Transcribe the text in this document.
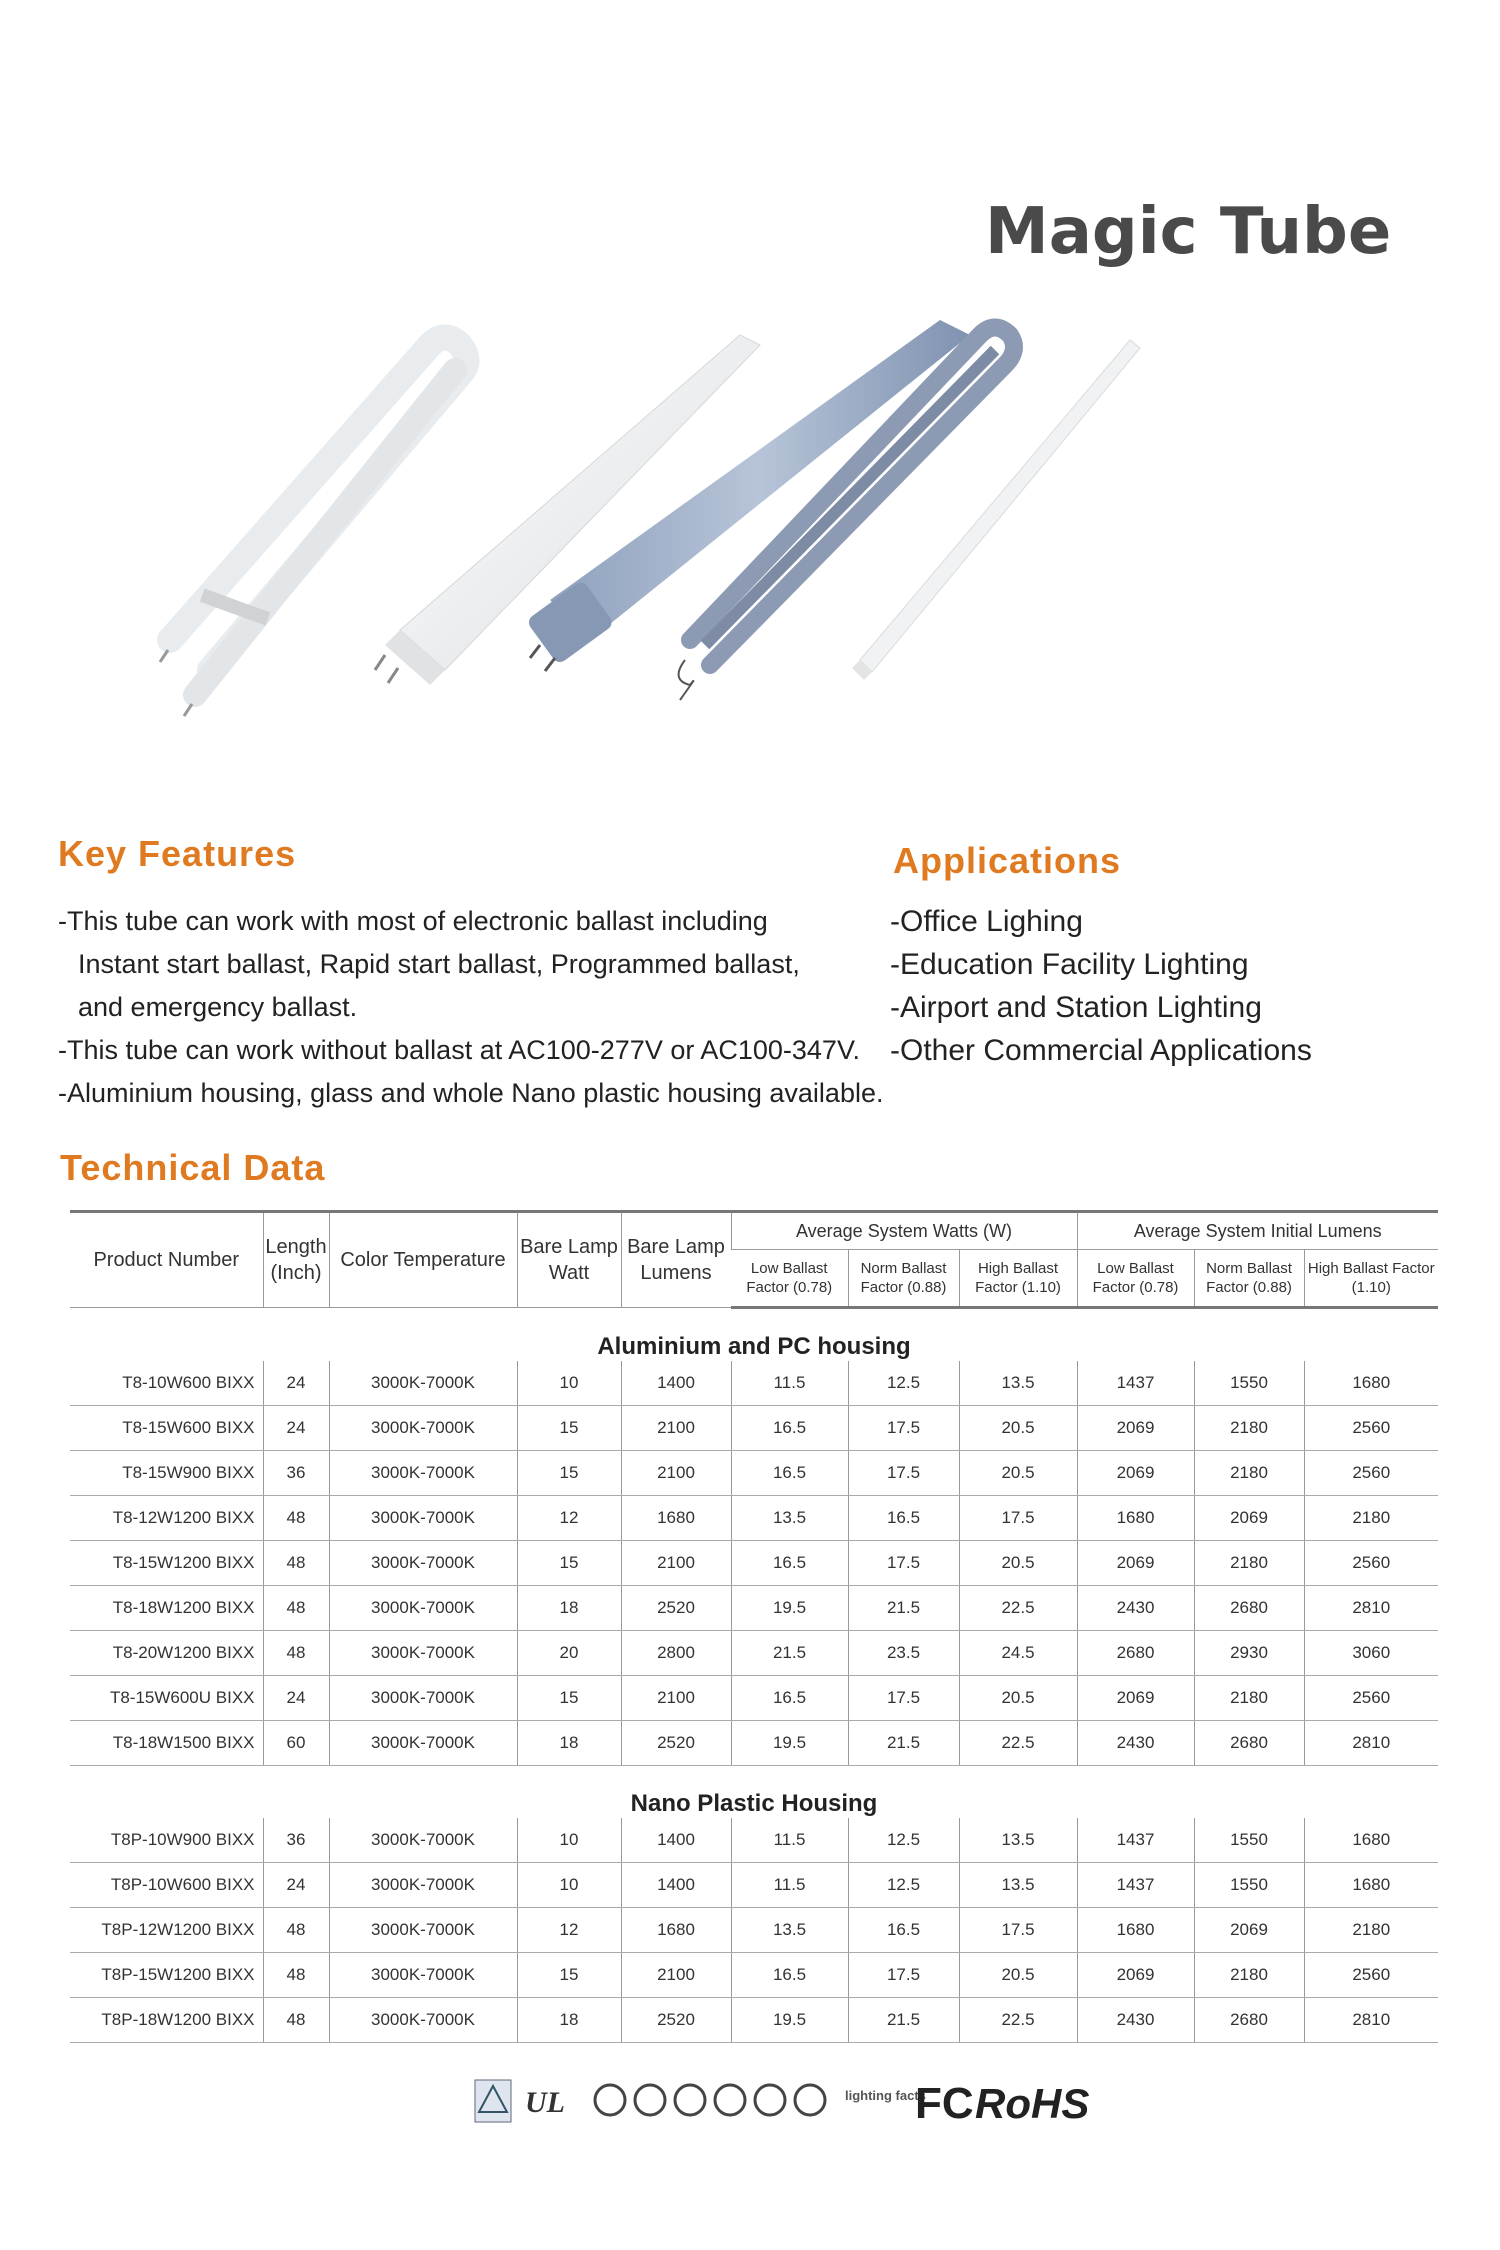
Magic Tube
Key Features
-This tube can work with most of electronic ballast including
Instant start ballast, Rapid start ballast, Programmed ballast,
and emergency ballast.
-This tube can work without ballast at AC100-277V or AC100-347V.
-Aluminium housing, glass and whole Nano plastic housing available.
Applications
-Office Lighing
-Education Facility Lighting
-Airport and Station Lighting
-Other Commercial Applications
Technical Data
Product Number	Length (Inch)	Color Temperature	Bare Lamp Watt	Bare Lamp Lumens	Average System Watts (W)			Average System Initial Lumens		
					Low Ballast Factor (0.78)	Norm Ballast Factor (0.88)	High Ballast Factor (1.10)	Low Ballast Factor (0.78)	Norm Ballast Factor (0.88)	High Ballast Factor (1.10)
Aluminium and PC housing										
T8-10W600 BIXX	24	3000K-7000K	10	1400	11.5	12.5	13.5	1437	1550	1680
T8-15W600 BIXX	24	3000K-7000K	15	2100	16.5	17.5	20.5	2069	2180	2560
T8-15W900 BIXX	36	3000K-7000K	15	2100	16.5	17.5	20.5	2069	2180	2560
T8-12W1200 BIXX	48	3000K-7000K	12	1680	13.5	16.5	17.5	1680	2069	2180
T8-15W1200 BIXX	48	3000K-7000K	15	2100	16.5	17.5	20.5	2069	2180	2560
T8-18W1200 BIXX	48	3000K-7000K	18	2520	19.5	21.5	22.5	2430	2680	2810
T8-20W1200 BIXX	48	3000K-7000K	20	2800	21.5	23.5	24.5	2680	2930	3060
T8-15W600U BIXX	24	3000K-7000K	15	2100	16.5	17.5	20.5	2069	2180	2560
T8-18W1500 BIXX	60	3000K-7000K	18	2520	19.5	21.5	22.5	2430	2680	2810
Nano Plastic Housing										
T8P-10W900 BIXX	36	3000K-7000K	10	1400	11.5	12.5	13.5	1437	1550	1680
T8P-10W600 BIXX	24	3000K-7000K	10	1400	11.5	12.5	13.5	1437	1550	1680
T8P-12W1200 BIXX	48	3000K-7000K	12	1680	13.5	16.5	17.5	1680	2069	2180
T8P-15W1200 BIXX	48	3000K-7000K	15	2100	16.5	17.5	20.5	2069	2180	2560
T8P-18W1200 BIXX	48	3000K-7000K	18	2520	19.5	21.5	22.5	2430	2680	2810
UL	lighting facts
FC RoHS
